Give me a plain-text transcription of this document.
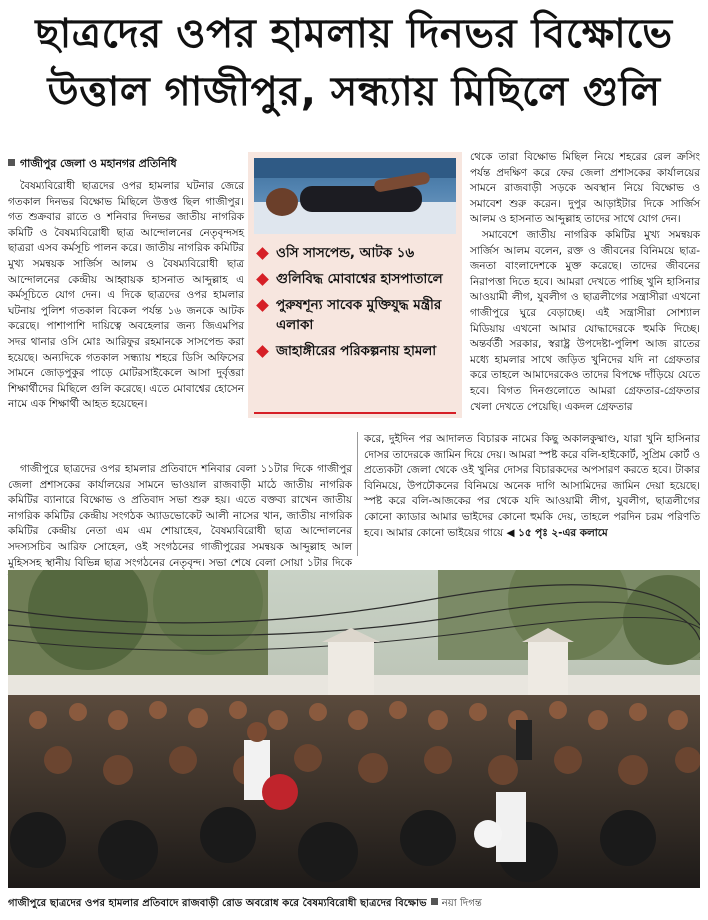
ছাত্রদের ওপর হামলায় দিনভর বিক্ষোভে
উত্তাল গাজীপুর, সন্ধ্যায় মিছিলে গুলি
গাজীপুর জেলা ও মহানগর প্রতিনিধি

বৈষম্যবিরোধী ছাত্রদের ওপর হামলার ঘটনার জেরে গতকাল দিনভর বিক্ষোভ মিছিলে উত্তপ্ত ছিল গাজীপুর। গত শুক্রবার রাতে ও শনিবার দিনভর জাতীয় নাগরিক কমিটি ও বৈষম্যবিরোধী ছাত্র আন্দোলনের নেতৃবৃন্দসহ ছাত্ররা এসব কর্মসূচি পালন করে। জাতীয় নাগরিক কমিটির মুখ্য সমন্বয়ক সার্জিস আলম ও বৈষম্যবিরোধী ছাত্র আন্দোলনের কেন্দ্রীয় আহ্বায়ক হাসনাত আব্দুল্লাহ এ কর্মসূচিতে যোগ দেন। এ দিকে ছাত্রদের ওপর হামলার ঘটনায় পুলিশ গতকাল বিকেল পর্যন্ত ১৬ জনকে আটক করেছে। পাশাপাশি দায়িত্বে অবহেলার জন্য জিএমপির সদর থানার ওসি মোঃ আরিফুর রহমানকে সাসপেন্ড করা হয়েছে। অন্যদিকে গতকাল সন্ধ্যায় শহরে ডিসি অফিসের সামনে জোড়পুকুর পাড়ে মোটরসাইকেলে আসা দুর্বৃত্তরা শিক্ষার্থীদের মিছিলে গুলি করেছে। এতে মোবাশ্বের হোসেন নামে এক শিক্ষার্থী আহত হয়েছেন।

ওসি সাসপেন্ড, আটক ১৬
গুলিবিদ্ধ মোবাশ্বের হাসপাতালে
পুরুষশূন্য সাবেক মুক্তিযুদ্ধ মন্ত্রীর এলাকা
জাহাঙ্গীরের পরিকল্পনায় হামলা

থেকে তারা বিক্ষোভ মিছিল নিয়ে শহরের রেল ক্রসিং পর্যন্ত প্রদক্ষিণ করে ফের জেলা প্রশাসকের কার্যালয়ের সামনে রাজবাড়ী সড়কে অবস্থান নিয়ে বিক্ষোভ ও সমাবেশ শুরু করেন। দুপুর আড়াইটার দিকে সার্জিস আলম ও হাসনাত আব্দুল্লাহ তাদের সাথে যোগ দেন।

সমাবেশে জাতীয় নাগরিক কমিটির মুখ্য সমন্বয়ক সার্জিস আলম বলেন, রক্ত ও জীবনের বিনিময়ে ছাত্র-জনতা বাংলাদেশকে মুক্ত করেছে। তাদের জীবনের নিরাপত্তা দিতে হবে। আমরা দেখতে পাচ্ছি খুনি হাসিনার আওয়ামী লীগ, যুবলীগ ও ছাত্রলীগের সন্ত্রাসীরা এখনো গাজীপুরে ঘুরে বেড়াচ্ছে। এই সন্ত্রাসীরা সোশ্যাল মিডিয়ায় এখনো আমার যোদ্ধাদেরকে হুমকি দিচ্ছে। অন্তর্বর্তী সরকার, স্বরাষ্ট্র উপদেষ্টা-পুলিশ আজ রাতের মধ্যে হামলার সাথে জড়িত খুনিদের যদি না গ্রেফতার করে তাহলে আমাদেরকেও তাদের বিপক্ষে দাঁড়িয়ে যেতে হবে। বিগত দিনগুলোতে আমরা গ্রেফতার-গ্রেফতার খেলা দেখতে পেয়েছি। একদল গ্রেফতার

গাজীপুরে ছাত্রদের ওপর হামলার প্রতিবাদে শনিবার বেলা ১১টার দিকে গাজীপুর জেলা প্রশাসকের কার্যালয়ের সামনে ভাওয়াল রাজবাড়ী মাঠে জাতীয় নাগরিক কমিটির ব্যানারে বিক্ষোভ ও প্রতিবাদ সভা শুরু হয়। এতে বক্তব্য রাখেন জাতীয় নাগরিক কমিটির কেন্দ্রীয় সংগঠক অ্যাডভোকেট আলী নাসের খান, জাতীয় নাগরিক কমিটির কেন্দ্রীয় নেতা এম এম শোয়াহেব, বৈষম্যবিরোধী ছাত্র আন্দোলনের সদস্যসচিব আরিফ সোহেল, ওই সংগঠনের গাজীপুরের সমন্বয়ক আব্দুল্লাহ আল মুহিসসহ স্থানীয় বিভিন্ন ছাত্র সংগঠনের নেতৃবৃন্দ। সভা শেষে বেলা সোয়া ১টার দিকে

করে, দুইদিন পর আদালত বিচারক নামের কিছু অকালকুষ্মাণ্ড, যারা খুনি হাসিনার দোসর তাদেরকে জামিন দিয়ে দেয়। আমরা স্পষ্ট করে বলি-হাইকোর্ট, সুপ্রিম কোর্ট ও প্রত্যেকটা জেলা থেকে ওই খুনির দোসর বিচারকদের অপসারণ করতে হবে। টাকার বিনিময়ে, উপঢৌকনের বিনিময়ে অনেক দাগি আসামিদের জামিন দেয়া হয়েছে। স্পষ্ট করে বলি-আজকের পর থেকে যদি আওয়ামী লীগ, যুবলীগ, ছাত্রলীগের কোনো ক্যাডার আমার ভাইদের কোনো হুমকি দেয়, তাহলে পরদিন চরম পরিণতি হবে। আমার কোনো ভাইয়ের গায়ে ◀ ১৫ পৃঃ ২-এর কলামে

গাজীপুরে ছাত্রদের ওপর হামলার প্রতিবাদে রাজবাড়ী রোড অবরোধ করে বৈষম্যবিরোধী ছাত্রদের বিক্ষোভ নয়া দিগন্ত
